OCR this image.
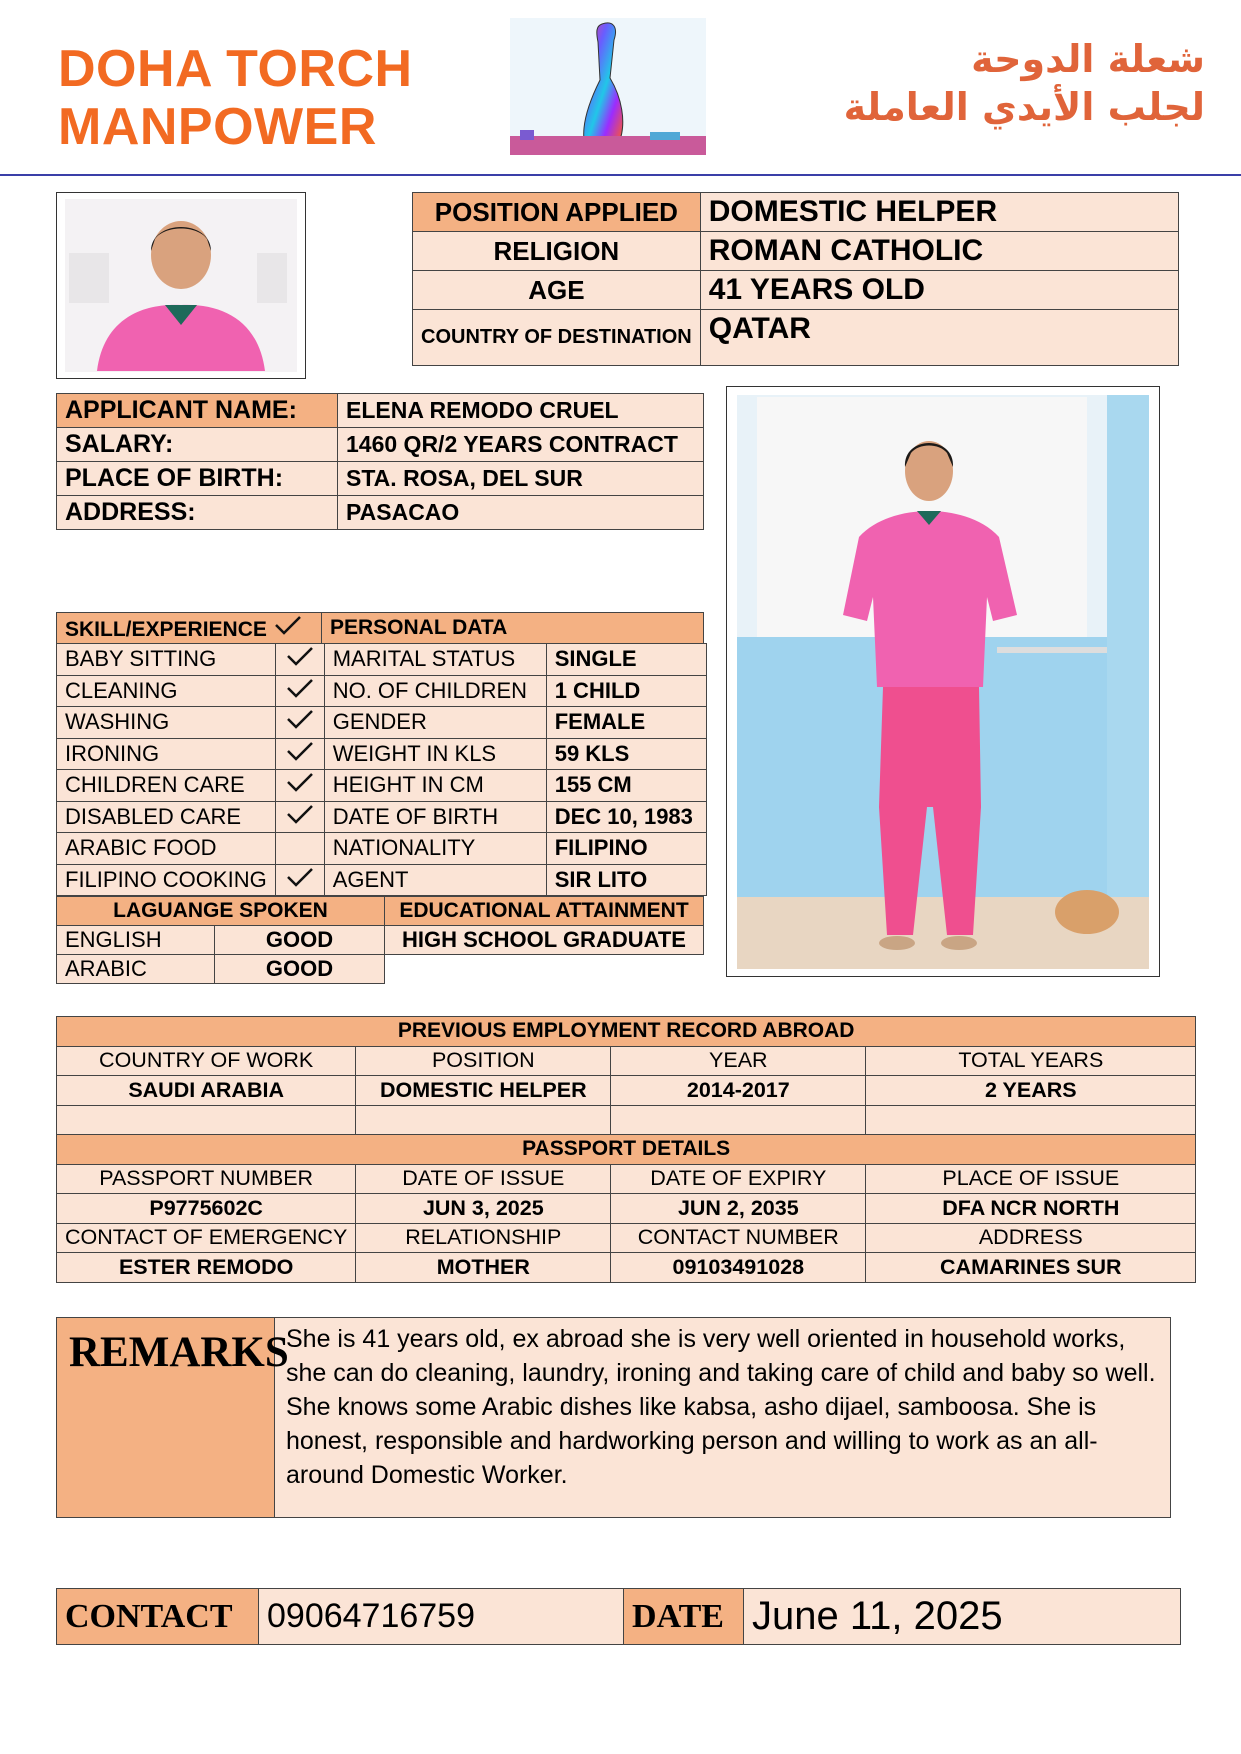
DOHA TORCH
MANPOWER
شعلة الدوحة
لجلب الأيدي العاملة
POSITION APPLIED	DOMESTIC HELPER
RELIGION	ROMAN CATHOLIC
AGE	41 YEARS OLD
COUNTRY OF DESTINATION	QATAR
APPLICANT NAME:	ELENA REMODO CRUEL
SALARY:	1460 QR/2 YEARS CONTRACT
PLACE OF BIRTH:	STA. ROSA, DEL SUR
ADDRESS:	PASACAO
SKILL/EXPERIENCE	PERSONAL DATA
BABY SITTING		MARITAL STATUS	SINGLE
CLEANING		NO. OF CHILDREN	1 CHILD
WASHING		GENDER	FEMALE
IRONING		WEIGHT IN KLS	59 KLS
CHILDREN CARE		HEIGHT IN CM	155 CM
DISABLED CARE		DATE OF BIRTH	DEC 10, 1983
ARABIC FOOD		NATIONALITY	FILIPINO
FILIPINO COOKING		AGENT	SIR LITO
LAGUANGE SPOKEN		EDUCATIONAL ATTAINMENT
ENGLISH	GOOD	HIGH SCHOOL GRADUATE
ARABIC	GOOD	
PREVIOUS EMPLOYMENT RECORD ABROAD			
COUNTRY OF WORK	POSITION	YEAR	TOTAL YEARS
SAUDI ARABIA	DOMESTIC HELPER	2014-2017	2 YEARS

PASSPORT DETAILS			
PASSPORT NUMBER	DATE OF ISSUE	DATE OF EXPIRY	PLACE OF ISSUE
P9775602C	JUN 3, 2025	JUN 2, 2035	DFA NCR NORTH
CONTACT OF EMERGENCY	RELATIONSHIP	CONTACT NUMBER	ADDRESS
ESTER REMODO	MOTHER	09103491028	CAMARINES SUR
REMARKS
She is 41 years old, ex abroad she is very well oriented in household works, she can do cleaning, laundry, ironing and taking care of child and baby so well. She knows some Arabic dishes like kabsa, asho dijael, samboosa. She is honest, responsible and hardworking person and willing to work as an all-around Domestic Worker.
CONTACT	09064716759	DATE	June 11, 2025
